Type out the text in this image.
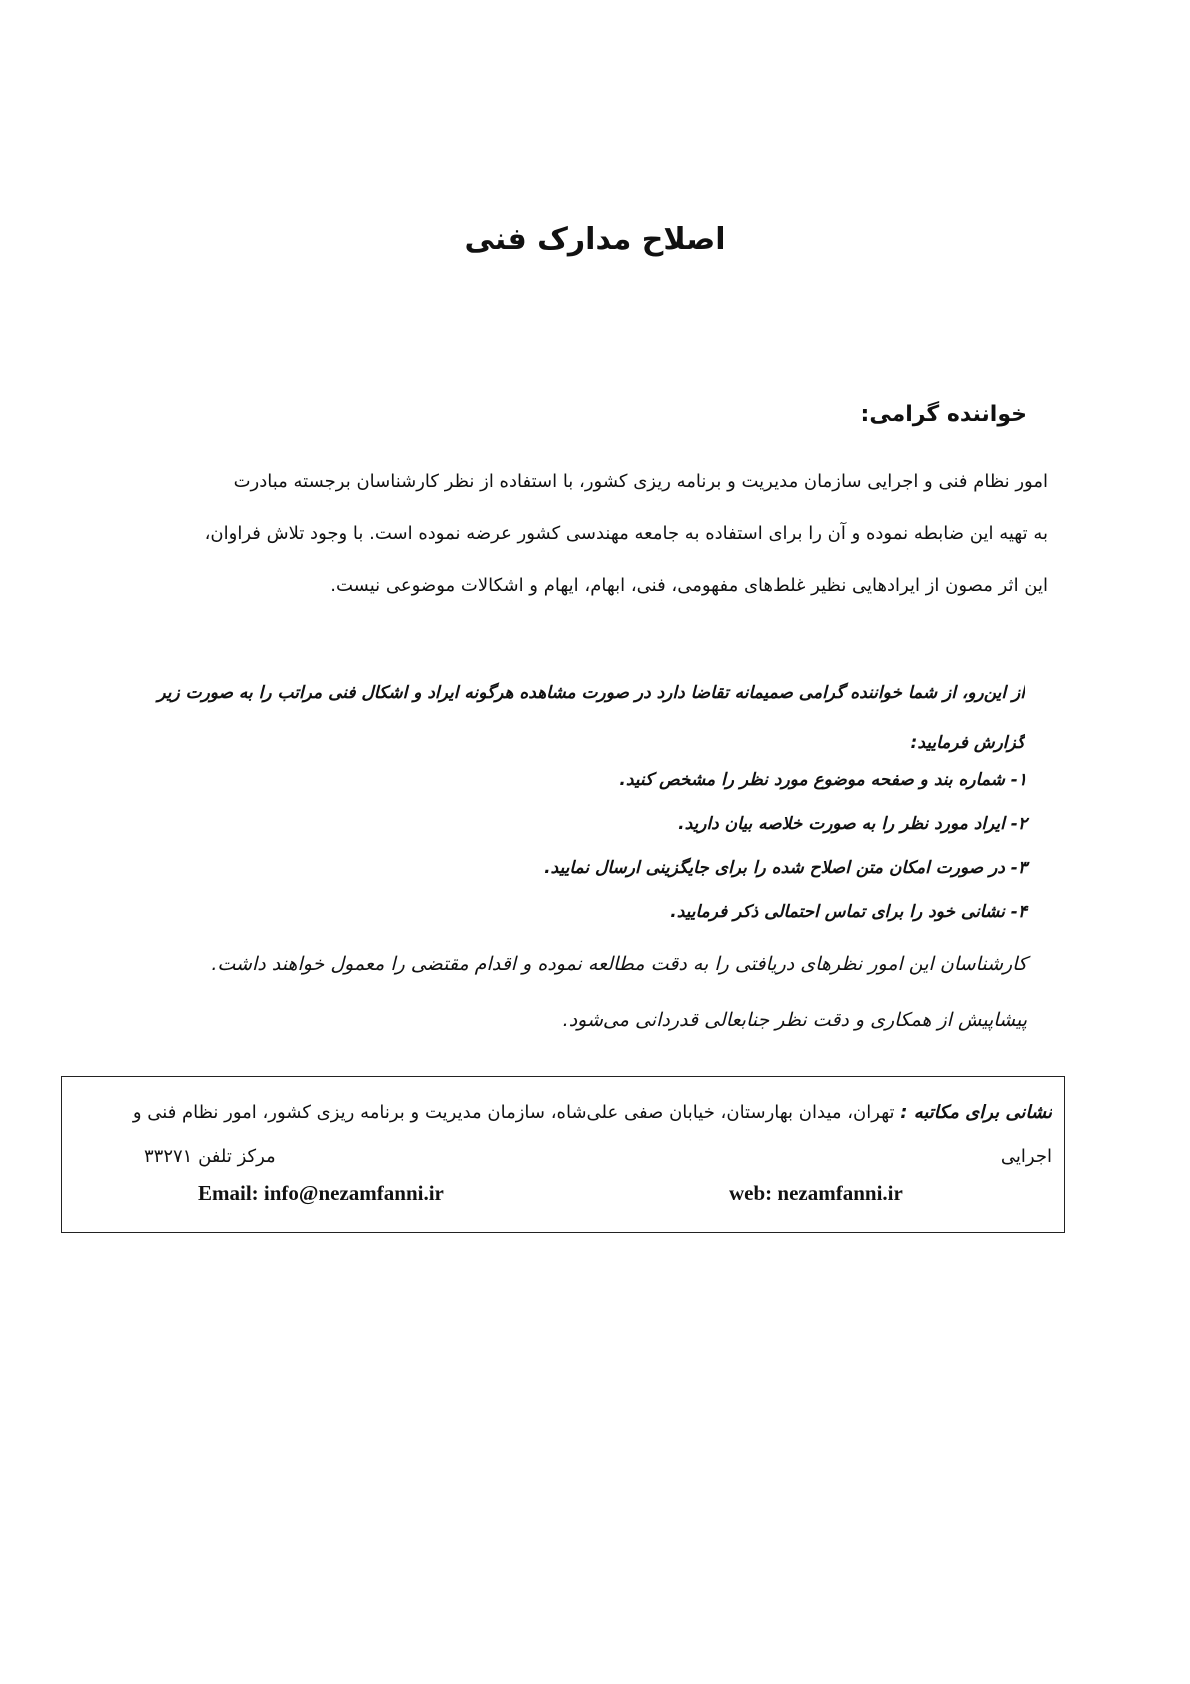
اصلاح مدارک فنی

خواننده گرامی:

امور نظام فنی و اجرایی سازمان مدیریت و برنامه ریزی کشور، با استفاده از نظر کارشناسان برجسته مبادرت
به تهیه این ضابطه نموده و آن را برای استفاده به جامعه مهندسی کشور عرضه نموده است. با وجود تلاش فراوان،
این اثر مصون از ایرادهایی نظیر غلط‌های مفهومی، فنی، ابهام، ایهام و اشکالات موضوعی نیست.

از این‌رو، از شما خواننده گرامی صمیمانه تقاضا دارد در صورت مشاهده هرگونه ایراد و اشکال فنی مراتب را به صورت زیر
گزارش فرمایید:

۱- شماره بند و صفحه موضوع مورد نظر را مشخص کنید.
۲- ایراد مورد نظر را به صورت خلاصه بیان دارید.
۳- در صورت امکان متن اصلاح شده را برای جایگزینی ارسال نمایید.
۴- نشانی خود را برای تماس احتمالی ذکر فرمایید.

کارشناسان این امور نظرهای دریافتی را به دقت مطالعه نموده و اقدام مقتضی را معمول خواهند داشت.
پیشاپیش از همکاری و دقت نظر جنابعالی قدردانی می‌شود.

نشانی برای مکاتبه : تهران، میدان بهارستان، خیابان صفی علی‌شاه، سازمان مدیریت و برنامه ریزی کشور، امور نظام فنی و
اجرایی

مرکز تلفن ۳۳۲۷۱
Email: info@nezamfanni.ir	web: nezamfanni.ir
